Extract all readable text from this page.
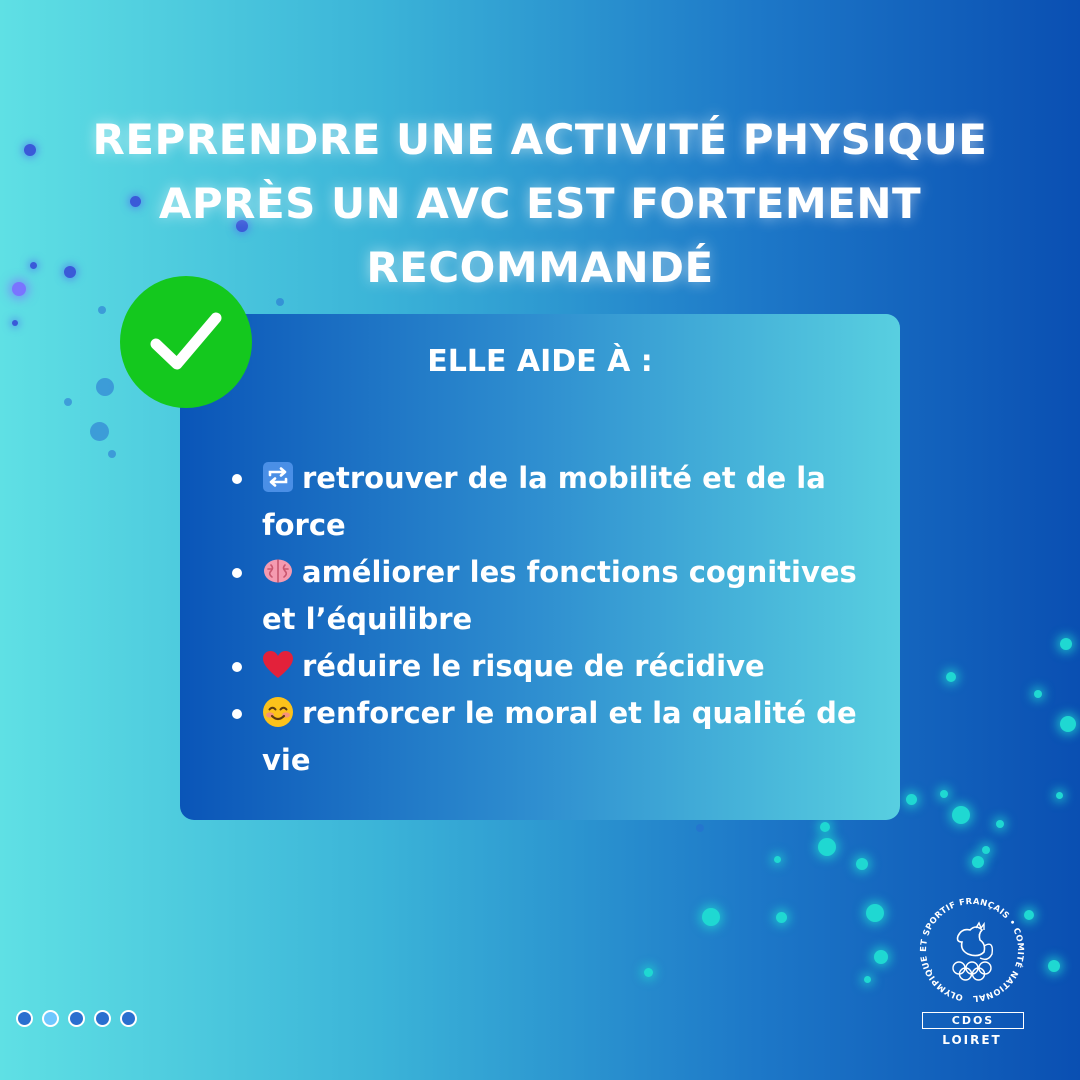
REPRENDRE UNE ACTIVITÉ PHYSIQUE
APRÈS UN AVC EST FORTEMENT
RECOMMANDÉ
ELLE AIDE À :
retrouver de la mobilité et de la force
améliorer les fonctions cognitives et l’équilibre
réduire le risque de récidive
renforcer le moral et la qualité de vie
OLYMPIQUE ET SPORTIF FRANÇAIS • COMITÉ NATIONAL
CDOS
LOIRET
